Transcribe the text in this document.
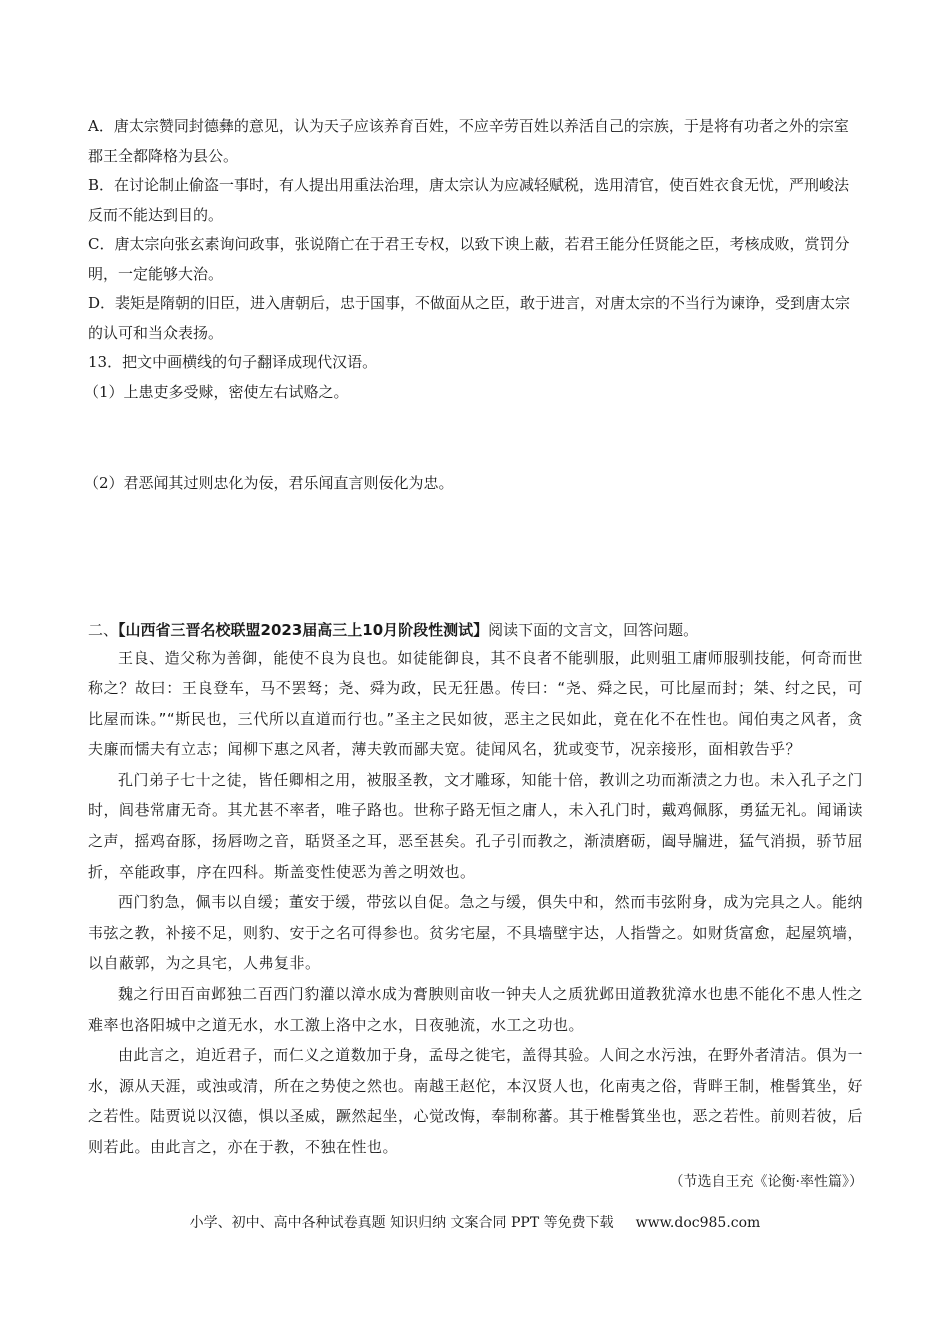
A．唐太宗赞同封德彝的意见，认为天子应该养育百姓，不应辛劳百姓以养活自己的宗族，于是将有功者之外的宗室郡王全都降格为县公。

B．在讨论制止偷盗一事时，有人提出用重法治理，唐太宗认为应减轻赋税，选用清官，使百姓衣食无忧，严刑峻法反而不能达到目的。

C．唐太宗向张玄素询问政事，张说隋亡在于君王专权，以致下谀上蔽，若君王能分任贤能之臣，考核成败，赏罚分明，一定能够大治。

D．裴矩是隋朝的旧臣，进入唐朝后，忠于国事，不做面从之臣，敢于进言，对唐太宗的不当行为谏诤，受到唐太宗的认可和当众表扬。

13．把文中画横线的句子翻译成现代汉语。

（1）上患吏多受赇，密使左右试赂之。

（2）君恶闻其过则忠化为佞，君乐闻直言则佞化为忠。

二、【山西省三晋名校联盟2023届高三上10月阶段性测试】阅读下面的文言文，回答问题。

王良、造父称为善御，能使不良为良也。如徒能御良，其不良者不能驯服，此则驵工庸师服驯技能，何奇而世称之？故曰：王良登车，马不罢驽；尧、舜为政，民无狂愚。传曰：“尧、舜之民，可比屋而封；桀、纣之民，可比屋而诛。”“斯民也，三代所以直道而行也。”圣主之民如彼，恶主之民如此，竟在化不在性也。闻伯夷之风者，贪夫廉而懦夫有立志；闻柳下惠之风者，薄夫敦而鄙夫宽。徒闻风名，犹或变节，况亲接形，面相敦告乎？

孔门弟子七十之徒，皆任卿相之用，被服圣教，文才雕琢，知能十倍，教训之功而渐渍之力也。未入孔子之门时，闾巷常庸无奇。其尤甚不率者，唯子路也。世称子路无恒之庸人，未入孔门时，戴鸡佩豚，勇猛无礼。闻诵读之声，摇鸡奋豚，扬唇吻之音，聒贤圣之耳，恶至甚矣。孔子引而教之，渐渍磨砺，阖导牖进，猛气消损，骄节屈折，卒能政事，序在四科。斯盖变性使恶为善之明效也。

西门豹急，佩韦以自缓；董安于缓，带弦以自促。急之与缓，俱失中和，然而韦弦附身，成为完具之人。能纳韦弦之教，补接不足，则豹、安于之名可得参也。贫劣宅屋，不具墙壁宇达，人指訾之。如财货富愈，起屋筑墙，以自蔽郭，为之具宅，人弗复非。

魏之行田百亩邺独二百西门豹灌以漳水成为膏腴则亩收一钟夫人之质犹邺田道教犹漳水也患不能化不患人性之难率也洛阳城中之道无水，水工激上洛中之水，日夜驰流，水工之功也。

由此言之，迫近君子，而仁义之道数加于身，孟母之徙宅，盖得其验。人间之水污浊，在野外者清洁。俱为一水，源从天涯，或浊或清，所在之势使之然也。南越王赵佗，本汉贤人也，化南夷之俗，背畔王制，椎髻箕坐，好之若性。陆贾说以汉德，惧以圣威，蹶然起坐，心觉改悔，奉制称蕃。其于椎髻箕坐也，恶之若性。前则若彼，后则若此。由此言之，亦在于教，不独在性也。

（节选自王充《论衡·率性篇》）

小学、初中、高中各种试卷真题 知识归纳 文案合同 PPT 等免费下载 www.doc985.com
